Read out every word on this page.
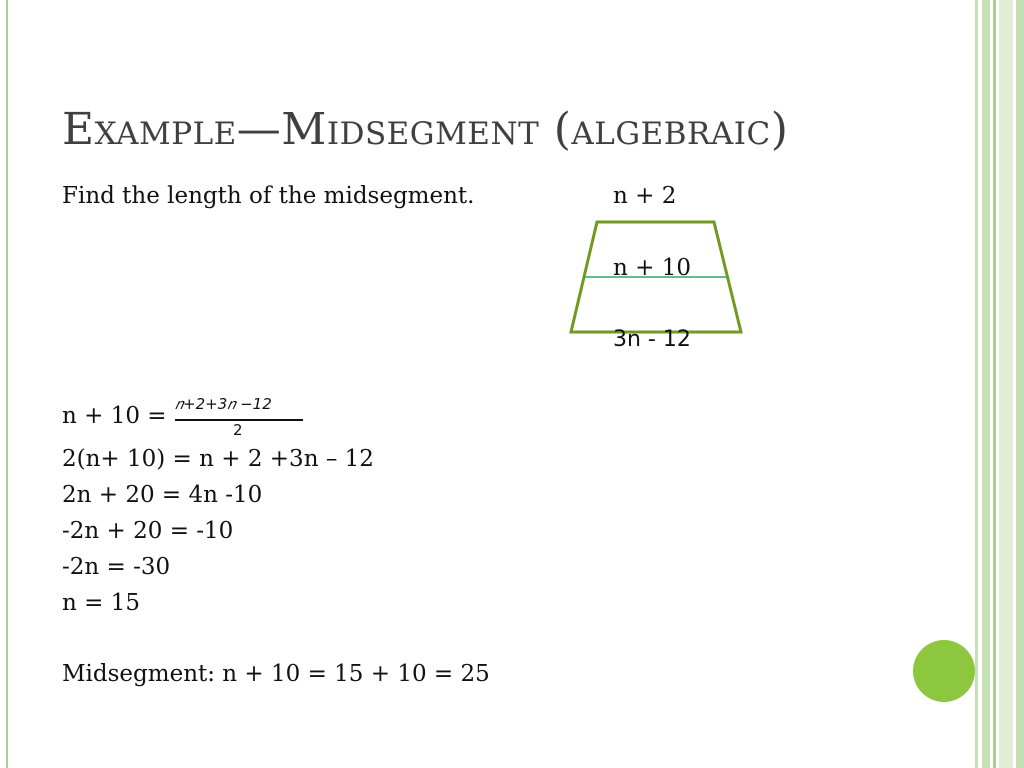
Example—Midsegment (algebraic)
Find the length of the midsegment.	n + 2
n + 10
3n - 12
n + 10 = 𝑛+2+3𝑛 −12
2
2(n+ 10) = n + 2 +3n – 12
2n + 20 = 4n -10
-2n + 20 = -10
-2n = -30
n = 15
Midsegment: n + 10 = 15 + 10 = 25
